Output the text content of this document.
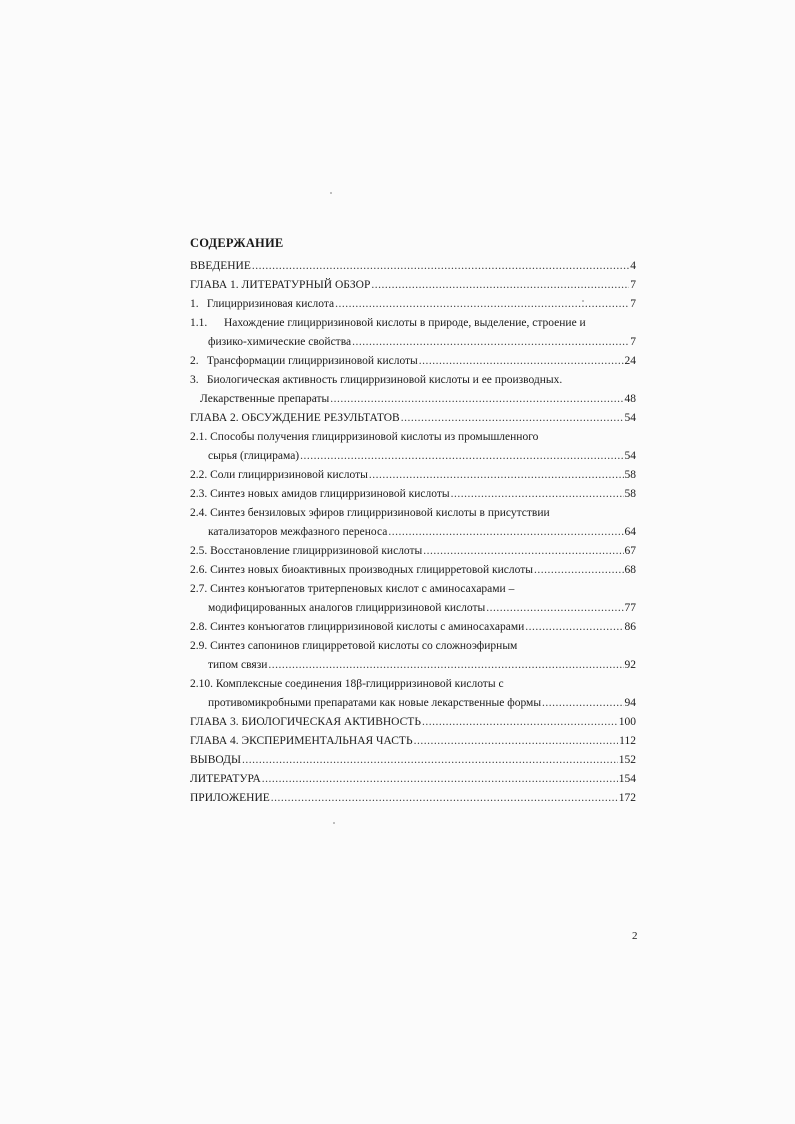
СОДЕРЖАНИЕ
ВВЕДЕНИЕ .....	4
ГЛАВА 1. ЛИТЕРАТУРНЫЙ ОБЗОР .....	7
1. Глицирризиновая кислота .....	7
1.1. Нахождение глицирризиновой кислоты в природе, выделение, строение и
физико-химические свойства .....	7
2. Трансформации глицирризиновой кислоты .....	24
3. Биологическая активность глицирризиновой кислоты и ее производных.
Лекарственные препараты .....	48
ГЛАВА 2. ОБСУЖДЕНИЕ РЕЗУЛЬТАТОВ .....	54
2.1. Способы получения глицирризиновой кислоты из промышленного
сырья (глицирама) .....	54
2.2. Соли глицирризиновой кислоты .....	58
2.3. Синтез новых амидов глицирризиновой кислоты .....	58
2.4. Синтез бензиловых эфиров глицирризиновой кислоты в присутствии
катализаторов межфазного переноса .....	64
2.5. Восстановление глицирризиновой кислоты .....	67
2.6. Синтез новых биоактивных производных глицирретовой кислоты .....	68
2.7. Синтез конъюгатов тритерпеновых кислот с аминосахарами –
модифицированных аналогов глицирризиновой кислоты .....	77
2.8. Синтез конъюгатов глицирризиновой кислоты с аминосахарами .....	86
2.9. Синтез сапонинов глицирретовой кислоты со сложноэфирным
типом связи .....	92
2.10. Комплексные соединения 18β-глицирризиновой кислоты с
противомикробными препаратами как новые лекарственные формы .....	94
ГЛАВА 3. БИОЛОГИЧЕСКАЯ АКТИВНОСТЬ .....	100
ГЛАВА 4. ЭКСПЕРИМЕНТАЛЬНАЯ ЧАСТЬ .....	112
ВЫВОДЫ .....	152
ЛИТЕРАТУРА .....	154
ПРИЛОЖЕНИЕ .....	172
2
